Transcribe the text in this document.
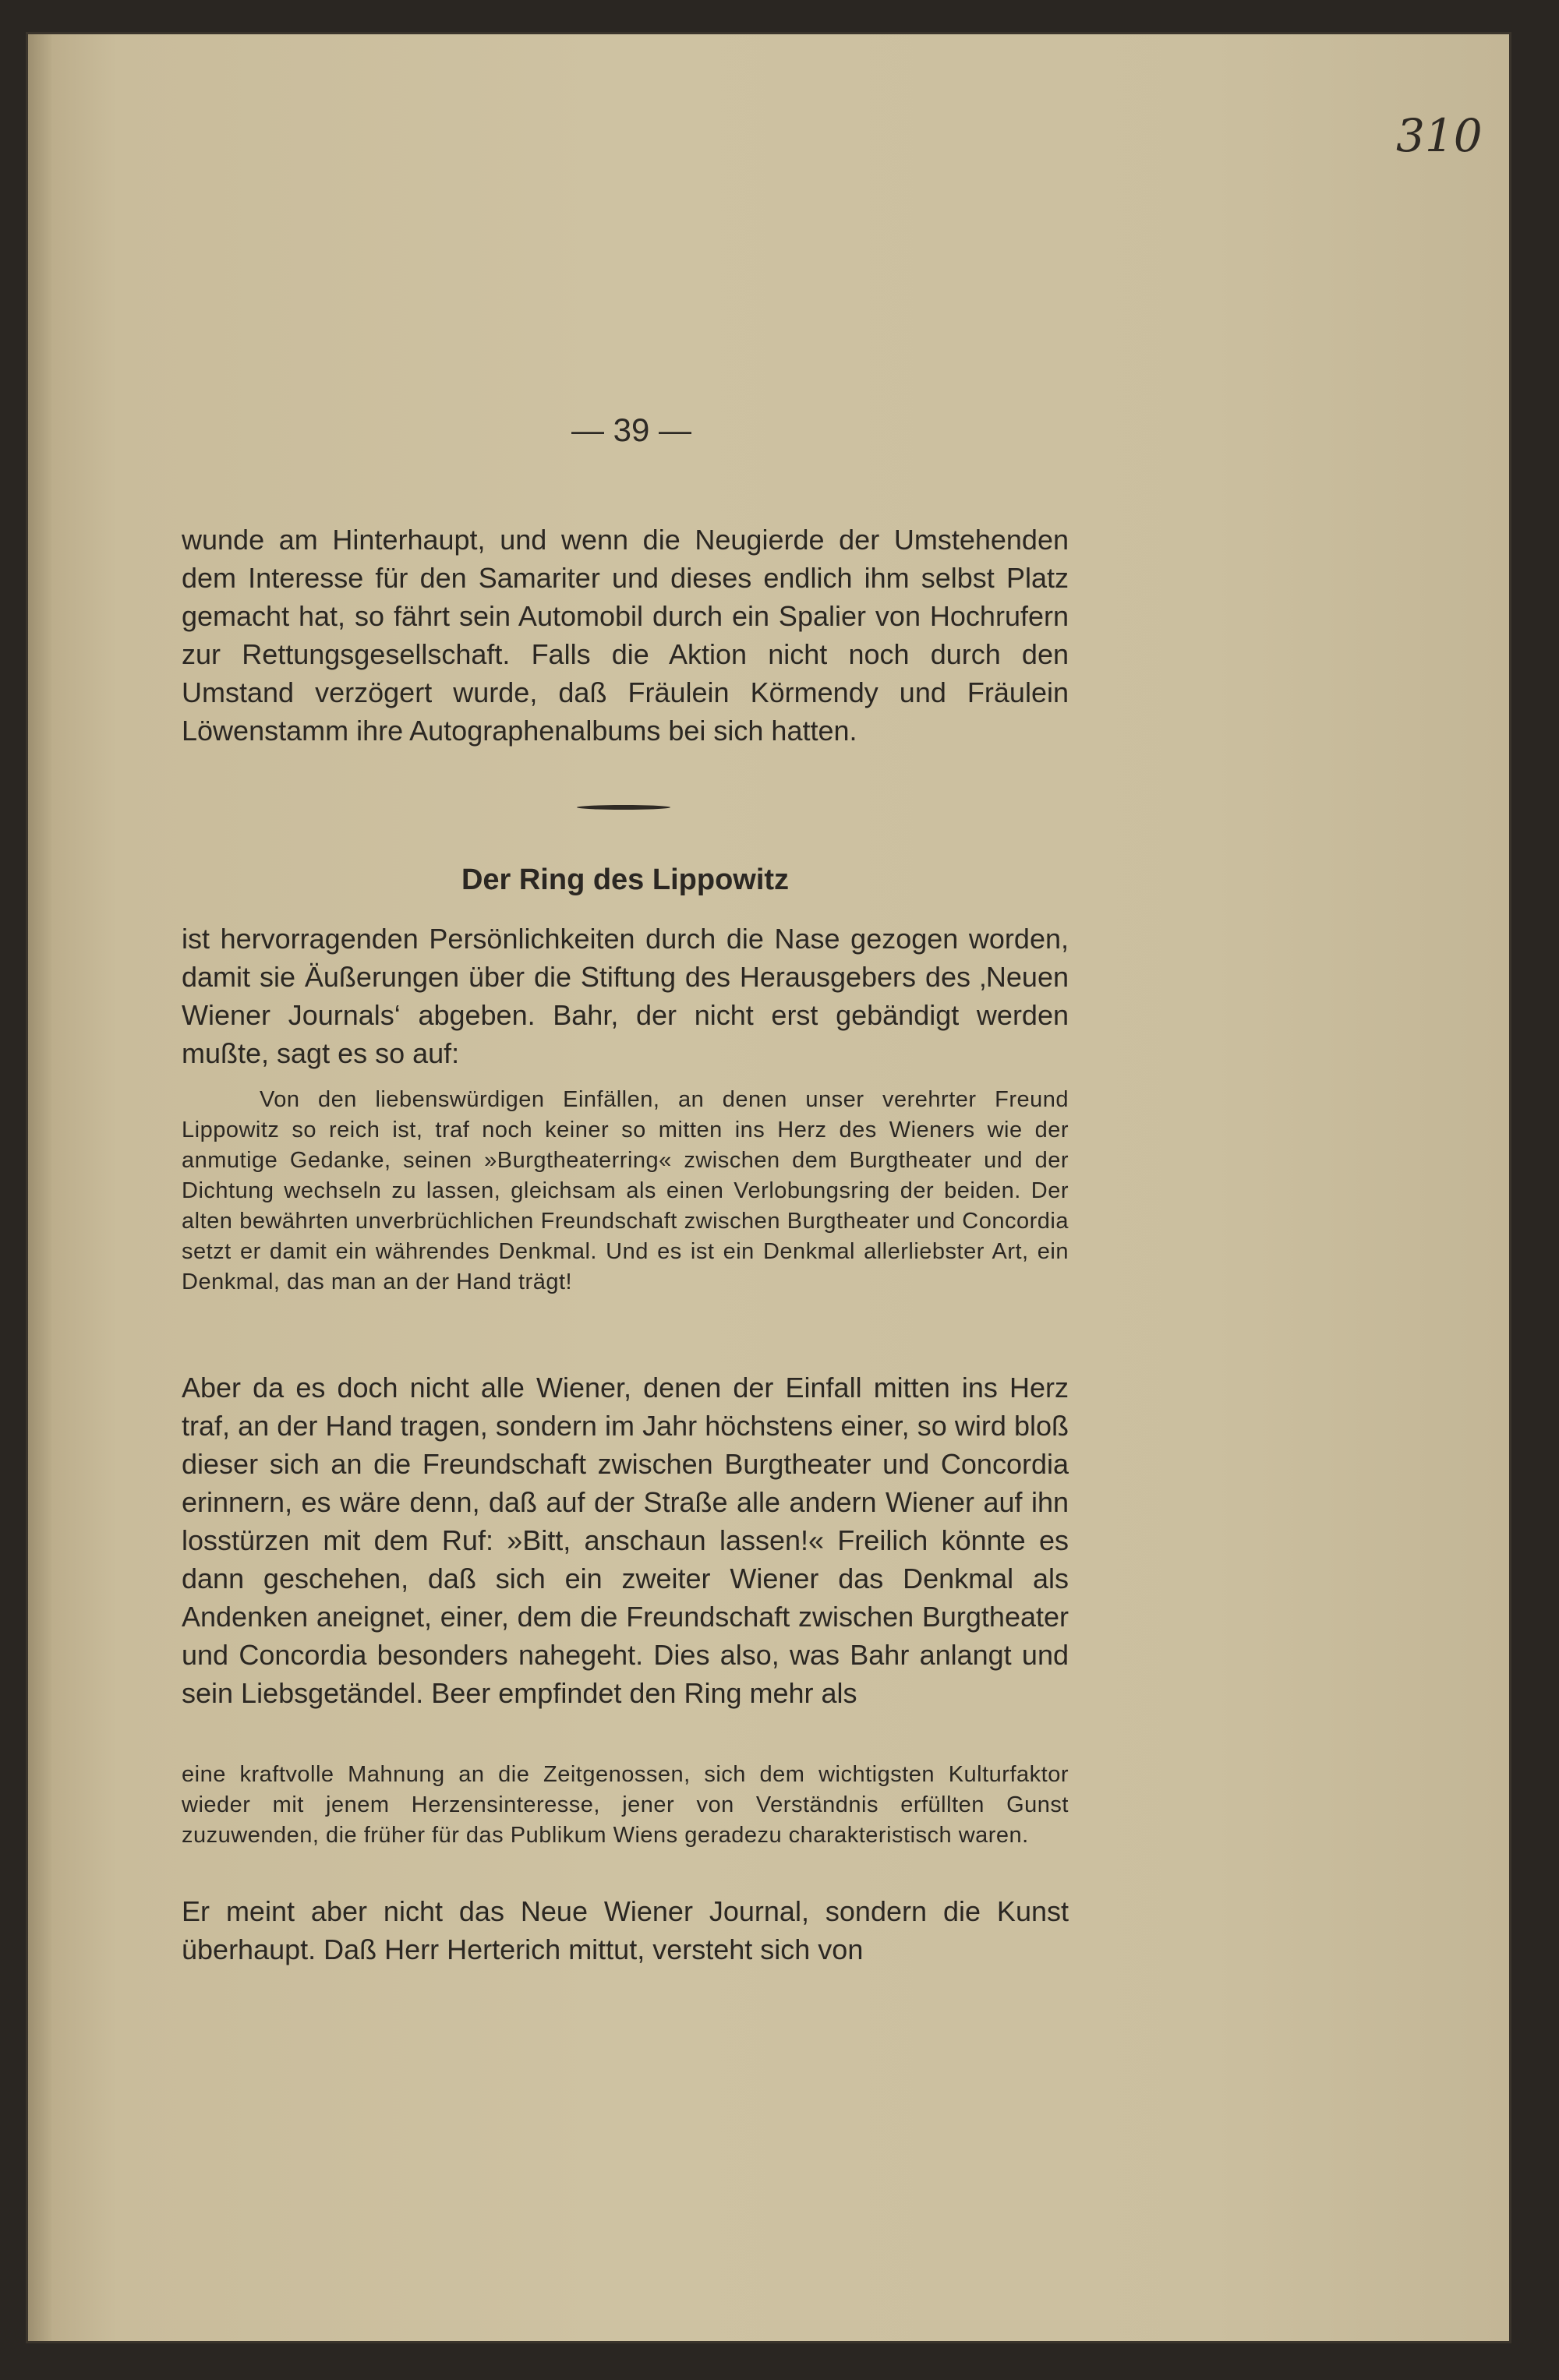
310
— 39 —
wunde am Hinterhaupt, und wenn die Neugierde der Umstehenden dem Interesse für den Samariter und dieses endlich ihm selbst Platz gemacht hat, so fährt sein Automobil durch ein Spalier von Hochrufern zur Rettungsgesellschaft. Falls die Aktion nicht noch durch den Umstand verzögert wurde, daß Fräulein Körmendy und Fräulein Löwenstamm ihre Autographenalbums bei sich hatten.
Der Ring des Lippowitz
ist hervorragenden Persönlichkeiten durch die Nase gezogen worden, damit sie Äußerungen über die Stiftung des Herausgebers des ‚Neuen Wiener Journals‘ abgeben. Bahr, der nicht erst gebändigt werden mußte, sagt es so auf:
Von den liebenswürdigen Einfällen, an denen unser verehrter Freund Lippowitz so reich ist, traf noch keiner so mitten ins Herz des Wieners wie der anmutige Gedanke, seinen »Burgtheaterring« zwischen dem Burgtheater und der Dichtung wechseln zu lassen, gleichsam als einen Verlobungsring der beiden. Der alten bewährten unverbrüchlichen Freundschaft zwischen Burgtheater und Concordia setzt er damit ein währendes Denkmal. Und es ist ein Denkmal allerliebster Art, ein Denkmal, das man an der Hand trägt!
Aber da es doch nicht alle Wiener, denen der Einfall mitten ins Herz traf, an der Hand tragen, sondern im Jahr höchstens einer, so wird bloß dieser sich an die Freundschaft zwischen Burgtheater und Concordia erinnern, es wäre denn, daß auf der Straße alle andern Wiener auf ihn losstürzen mit dem Ruf: »Bitt, anschaun lassen!« Freilich könnte es dann geschehen, daß sich ein zweiter Wiener das Denkmal als Andenken aneignet, einer, dem die Freundschaft zwischen Burgtheater und Concordia besonders nahegeht. Dies also, was Bahr anlangt und sein Liebsgetändel. Beer empfindet den Ring mehr als
eine kraftvolle Mahnung an die Zeitgenossen, sich dem wichtigsten Kulturfaktor wieder mit jenem Herzensinteresse, jener von Verständnis erfüllten Gunst zuzuwenden, die früher für das Publikum Wiens geradezu charakteristisch waren.
Er meint aber nicht das Neue Wiener Journal, sondern die Kunst überhaupt. Daß Herr Herterich mittut, versteht sich von
